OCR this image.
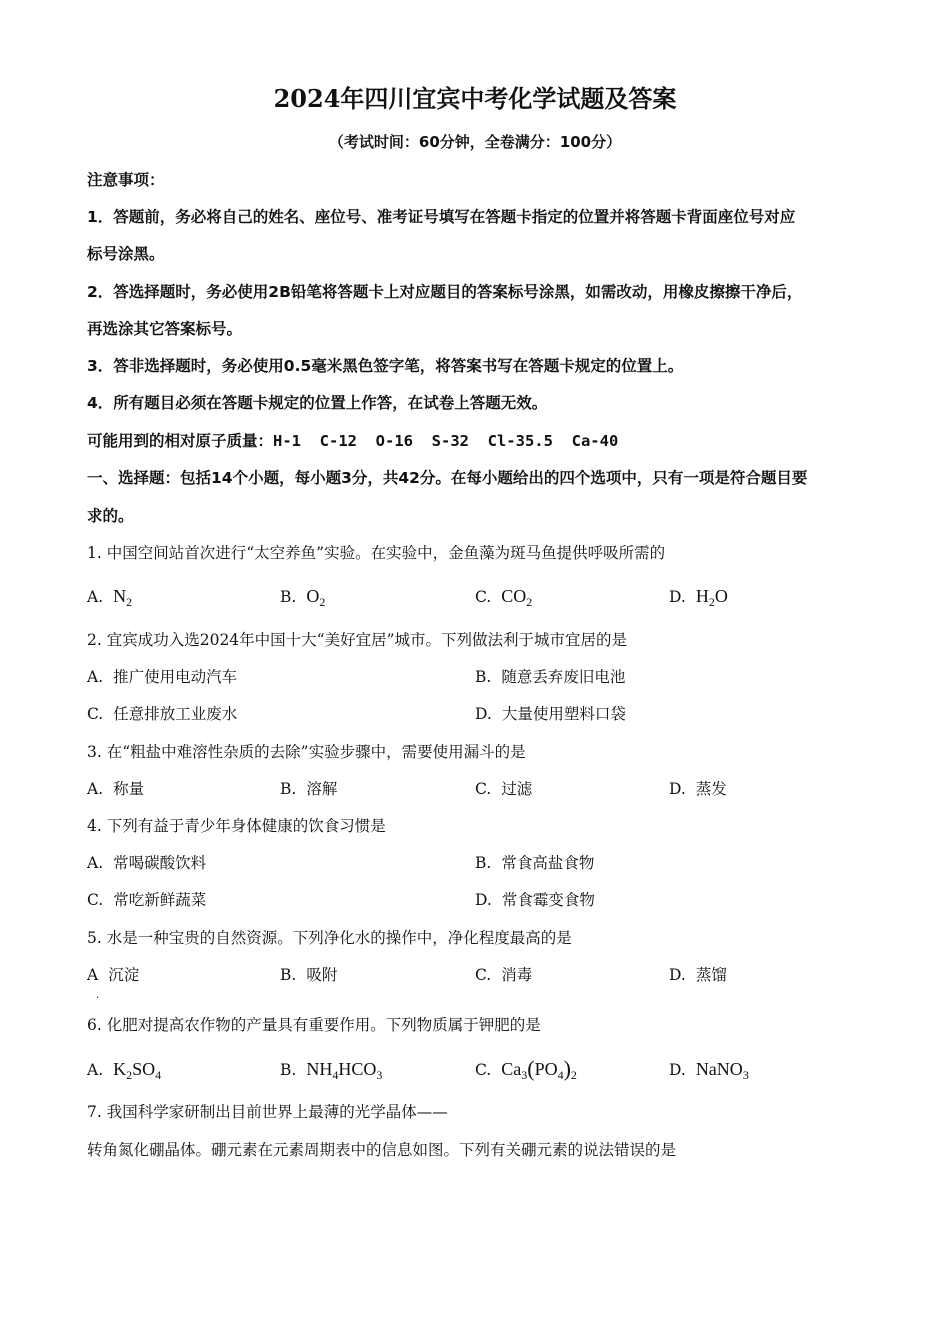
2024年四川宜宾中考化学试题及答案
（考试时间：60分钟，全卷满分：100分）
注意事项：
1．答题前，务必将自己的姓名、座位号、准考证号填写在答题卡指定的位置并将答题卡背面座位号对应
标号涂黑。
2．答选择题时，务必使用2B铅笔将答题卡上对应题目的答案标号涂黑，如需改动，用橡皮擦擦干净后，
再选涂其它答案标号。
3．答非选择题时，务必使用0.5毫米黑色签字笔，将答案书写在答题卡规定的位置上。
4．所有题目必须在答题卡规定的位置上作答，在试卷上答题无效。
可能用到的相对原子质量：H-1  C-12  O-16  S-32  Cl-35.5  Ca-40
一、选择题：包括14个小题，每小题3分，共42分。在每小题给出的四个选项中，只有一项是符合题目要
求的。
1. 中国空间站首次进行“太空养鱼”实验。在实验中，金鱼藻为斑马鱼提供呼吸所需的
A. $N_2$	B. $O_2$	C. $CO_2$	D. $H_2O$
2. 宜宾成功入选2024年中国十大“美好宜居”城市。下列做法利于城市宜居的是
A. 推广使用电动汽车	B. 随意丢弃废旧电池
C. 任意排放工业废水	D. 大量使用塑料口袋
3. 在“粗盐中难溶性杂质的去除”实验步骤中，需要使用漏斗的是
A. 称量	B. 溶解	C. 过滤	D. 蒸发
4. 下列有益于青少年身体健康的饮食习惯是
A. 常喝碳酸饮料	B. 常食高盐食物
C. 常吃新鲜蔬菜	D. 常食霉变食物
5. 水是一种宝贵的自然资源。下列净化水的操作中，净化程度最高的是
A 沉淀
.
B. 吸附	C. 消毒	D. 蒸馏
6. 化肥对提高农作物的产量具有重要作用。下列物质属于钾肥的是
A. $K_2SO_4$	B. $NH_4HCO_3$	C. $Ca_3(PO_4)_2$	D. NaNO$_3$
7. 我国科学家研制出目前世界上最薄的光学晶体——
转角氮化硼晶体。硼元素在元素周期表中的信息如图。下列有关硼元素的说法错误的是
